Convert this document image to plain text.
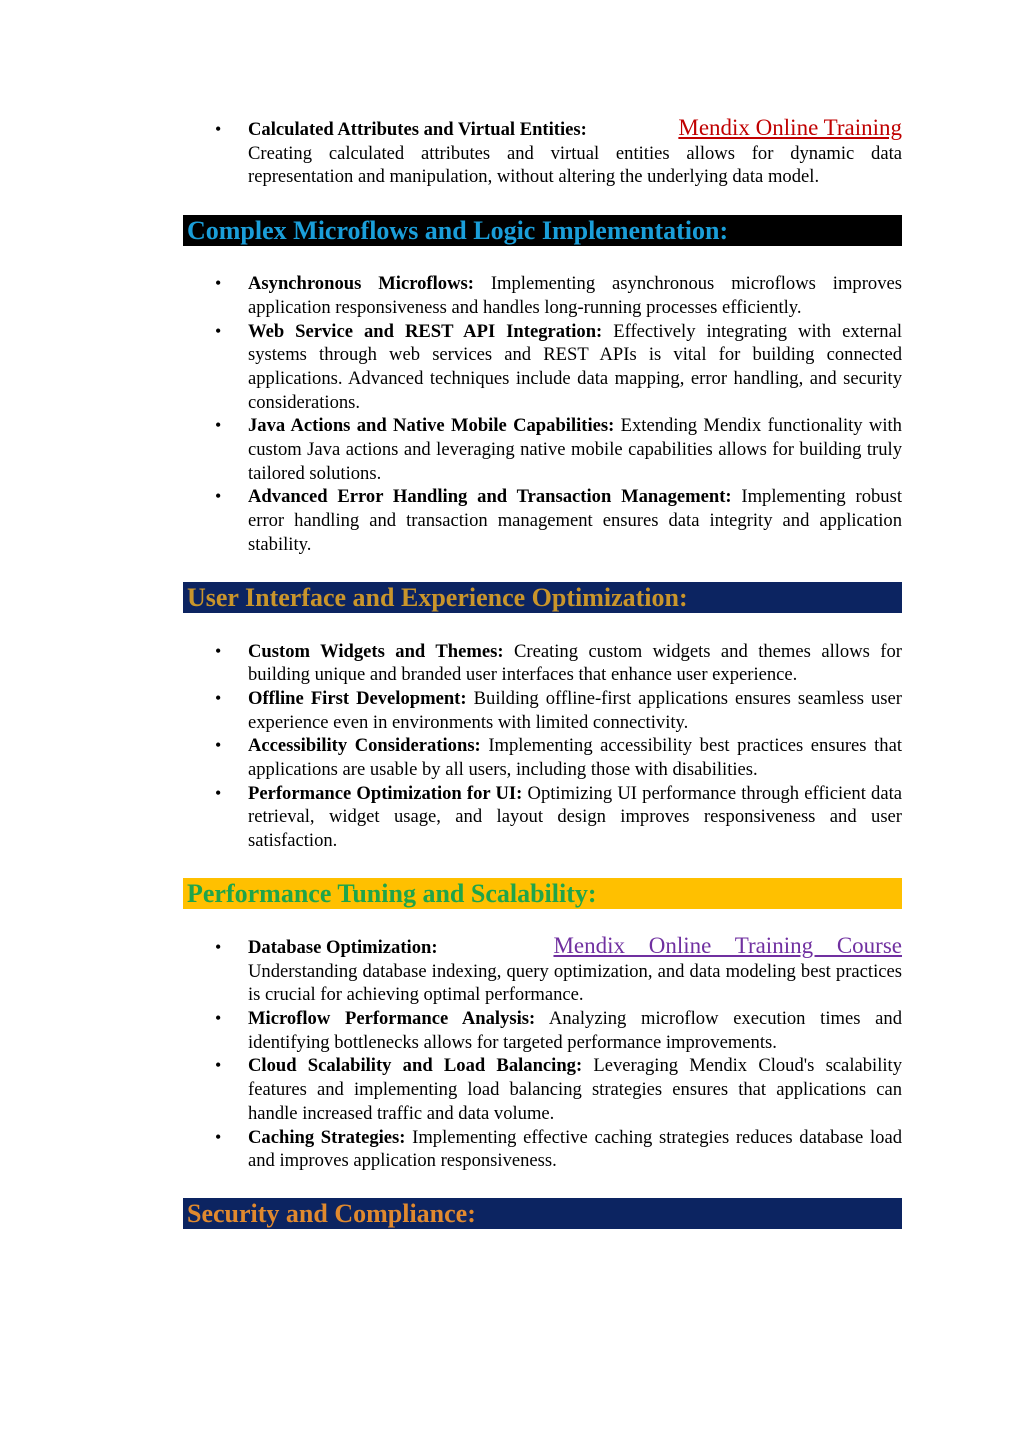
• Calculated Attributes and Virtual Entities:	Mendix Online Training

Creating calculated attributes and virtual entities allows for dynamic data representation and manipulation, without altering the underlying data model.
Complex Microflows and Logic Implementation:
• Asynchronous Microflows: Implementing asynchronous microflows improves application responsiveness and handles long-running processes efficiently.
• Web Service and REST API Integration: Effectively integrating with external systems through web services and REST APIs is vital for building connected applications. Advanced techniques include data mapping, error handling, and security considerations.
• Java Actions and Native Mobile Capabilities: Extending Mendix functionality with custom Java actions and leveraging native mobile capabilities allows for building truly tailored solutions.
• Advanced Error Handling and Transaction Management: Implementing robust error handling and transaction management ensures data integrity and application stability.
User Interface and Experience Optimization:
• Custom Widgets and Themes: Creating custom widgets and themes allows for building unique and branded user interfaces that enhance user experience.
• Offline First Development: Building offline-first applications ensures seamless user experience even in environments with limited connectivity.
• Accessibility Considerations: Implementing accessibility best practices ensures that applications are usable by all users, including those with disabilities.
• Performance Optimization for UI: Optimizing UI performance through efficient data retrieval, widget usage, and layout design improves responsiveness and user satisfaction.
Performance Tuning and Scalability:
• Database Optimization:	Mendix Online Training Course

Understanding database indexing, query optimization, and data modeling best practices is crucial for achieving optimal performance.
• Microflow Performance Analysis: Analyzing microflow execution times and identifying bottlenecks allows for targeted performance improvements.
• Cloud Scalability and Load Balancing: Leveraging Mendix Cloud's scalability features and implementing load balancing strategies ensures that applications can handle increased traffic and data volume.
• Caching Strategies: Implementing effective caching strategies reduces database load and improves application responsiveness.
Security and Compliance:
